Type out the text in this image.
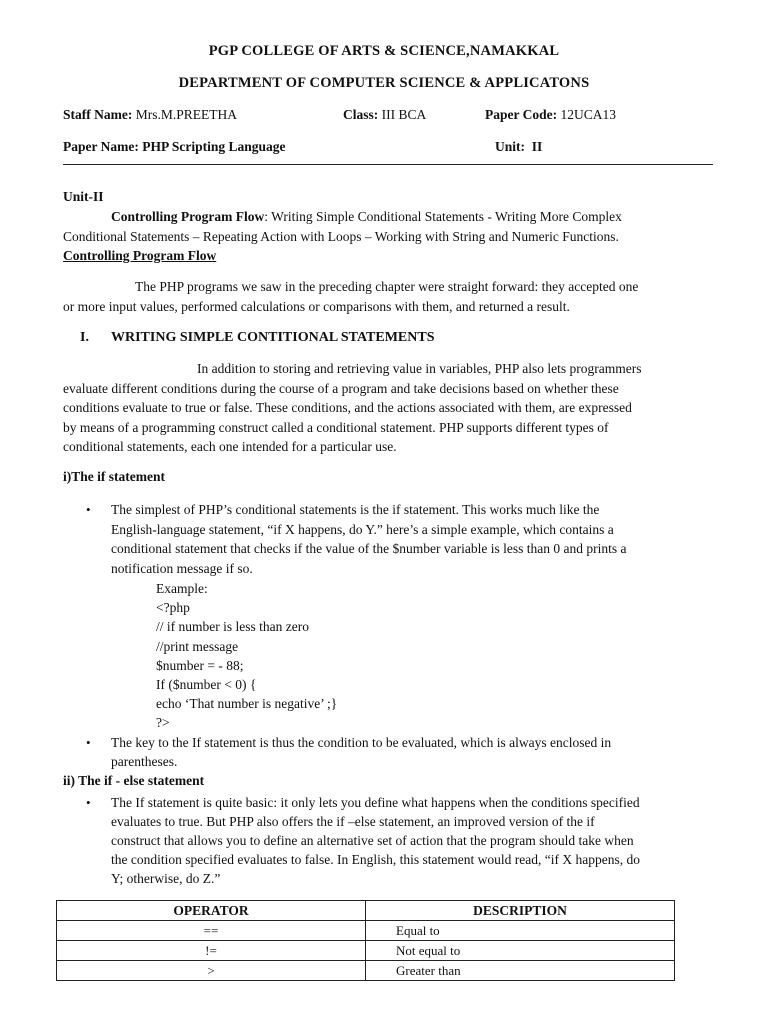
PGP COLLEGE OF ARTS & SCIENCE,NAMAKKAL
DEPARTMENT OF COMPUTER SCIENCE & APPLICATONS
Staff Name: Mrs.M.PREETHA	Class: III BCA	Paper Code: 12UCA13
Paper Name: PHP Scripting Language	Unit: II
Unit-II
Controlling Program Flow: Writing Simple Conditional Statements - Writing More Complex
Conditional Statements – Repeating Action with Loops – Working with String and Numeric Functions.
Controlling Program Flow
The PHP programs we saw in the preceding chapter were straight forward: they accepted one
or more input values, performed calculations or comparisons with them, and returned a result.
I. WRITING SIMPLE CONTITIONAL STATEMENTS
In addition to storing and retrieving value in variables, PHP also lets programmers
evaluate different conditions during the course of a program and take decisions based on whether these
conditions evaluate to true or false. These conditions, and the actions associated with them, are expressed
by means of a programming construct called a conditional statement. PHP supports different types of
conditional statements, each one intended for a particular use.
i)The if statement
• The simplest of PHP’s conditional statements is the if statement. This works much like the
English-language statement, “if X happens, do Y.” here’s a simple example, which contains a
conditional statement that checks if the value of the $number variable is less than 0 and prints a
notification message if so.
Example:
<?php
// if number is less than zero
//print message
$number = - 88;
If ($number < 0) {
echo ‘That number is negative’ ;}
?>
• The key to the If statement is thus the condition to be evaluated, which is always enclosed in
parentheses.
ii) The if - else statement
• The If statement is quite basic: it only lets you define what happens when the conditions specified
evaluates to true. But PHP also offers the if –else statement, an improved version of the if
construct that allows you to define an alternative set of action that the program should take when
the condition specified evaluates to false. In English, this statement would read, “if X happens, do
Y; otherwise, do Z.”
OPERATOR	DESCRIPTION
==	Equal to
!=	Not equal to
>	Greater than
